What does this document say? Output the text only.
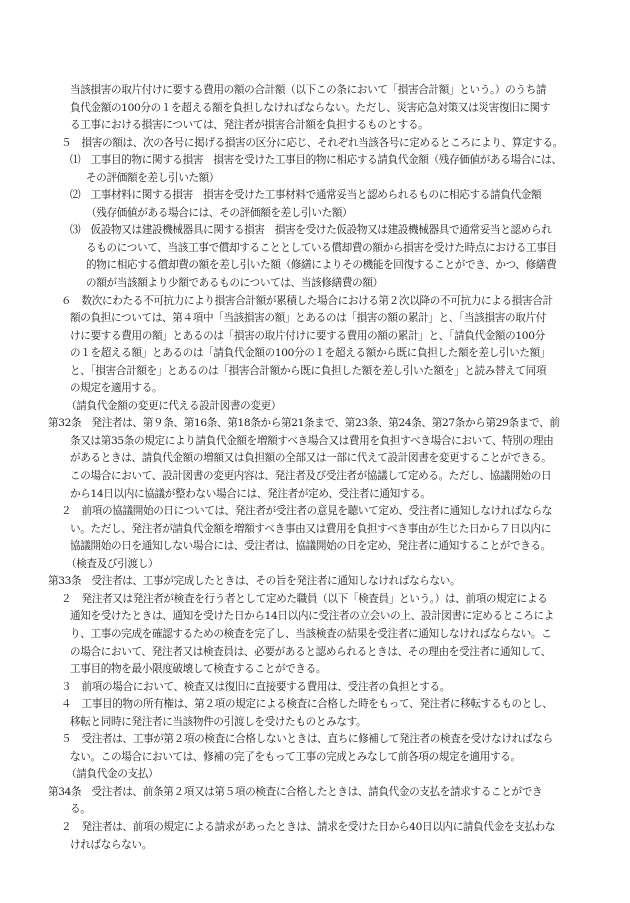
当該損害の取片付けに要する費用の額の合計額（以下この条において「損害合計額」という。）のうち請
負代金額の100分の１を超える額を負担しなければならない。ただし、災害応急対策又は災害復旧に関す
る工事における損害については、発注者が損害合計額を負担するものとする。
５　損害の額は、次の各号に掲げる損害の区分に応じ、それぞれ当該各号に定めるところにより、算定する。
⑴　工事目的物に関する損害　損害を受けた工事目的物に相応する請負代金額（残存価値がある場合には、
その評価額を差し引いた額）
⑵　工事材料に関する損害　損害を受けた工事材料で通常妥当と認められるものに相応する請負代金額
（残存価値がある場合には、その評価額を差し引いた額）
⑶　仮設物又は建設機械器具に関する損害　損害を受けた仮設物又は建設機械器具で通常妥当と認められ
るものについて、当該工事で償却することとしている償却費の額から損害を受けた時点における工事目
的物に相応する償却費の額を差し引いた額（修繕によりその機能を回復することができ、かつ、修繕費
の額が当該額より少額であるものについては、当該修繕費の額）
６　数次にわたる不可抗力により損害合計額が累積した場合における第２次以降の不可抗力による損害合計
額の負担については、第４項中「当該損害の額」とあるのは「損害の額の累計」と、「当該損害の取片付
けに要する費用の額」とあるのは「損害の取片付けに要する費用の額の累計」と、「請負代金額の100分
の１を超える額」とあるのは「請負代金額の100分の１を超える額から既に負担した額を差し引いた額」
と、「損害合計額を」とあるのは「損害合計額から既に負担した額を差し引いた額を」と読み替えて同項
の規定を適用する。
（請負代金額の変更に代える設計図書の変更）
第32条　発注者は、第９条、第16条、第18条から第21条まで、第23条、第24条、第27条から第29条まで、前
条又は第35条の規定により請負代金額を増額すべき場合又は費用を負担すべき場合において、特別の理由
があるときは、請負代金額の増額又は負担額の全部又は一部に代えて設計図書を変更することができる。
この場合において、設計図書の変更内容は、発注者及び受注者が協議して定める。ただし、協議開始の日
から14日以内に協議が整わない場合には、発注者が定め、受注者に通知する。
２　前項の協議開始の日については、発注者が受注者の意見を聴いて定め、受注者に通知しなければならな
い。ただし、発注者が請負代金額を増額すべき事由又は費用を負担すべき事由が生じた日から７日以内に
協議開始の日を通知しない場合には、受注者は、協議開始の日を定め、発注者に通知することができる。
（検査及び引渡し）
第33条　受注者は、工事が完成したときは、その旨を発注者に通知しなければならない。
２　発注者又は発注者が検査を行う者として定めた職員（以下「検査員」という。）は、前項の規定による
通知を受けたときは、通知を受けた日から14日以内に受注者の立会いの上、設計図書に定めるところによ
り、工事の完成を確認するための検査を完了し、当該検査の結果を受注者に通知しなければならない。こ
の場合において、発注者又は検査員は、必要があると認められるときは、その理由を受注者に通知して、
工事目的物を最小限度破壊して検査することができる。
３　前項の場合において、検査又は復旧に直接要する費用は、受注者の負担とする。
４　工事目的物の所有権は、第２項の規定による検査に合格した時をもって、発注者に移転するものとし、
移転と同時に発注者に当該物件の引渡しを受けたものとみなす。
５　受注者は、工事が第２項の検査に合格しないときは、直ちに修補して発注者の検査を受けなければなら
ない。この場合においては、修補の完了をもって工事の完成とみなして前各項の規定を適用する。
（請負代金の支払）
第34条　受注者は、前条第２項又は第５項の検査に合格したときは、請負代金の支払を請求することができ
る。
２　発注者は、前項の規定による請求があったときは、請求を受けた日から40日以内に請負代金を支払わな
ければならない。
